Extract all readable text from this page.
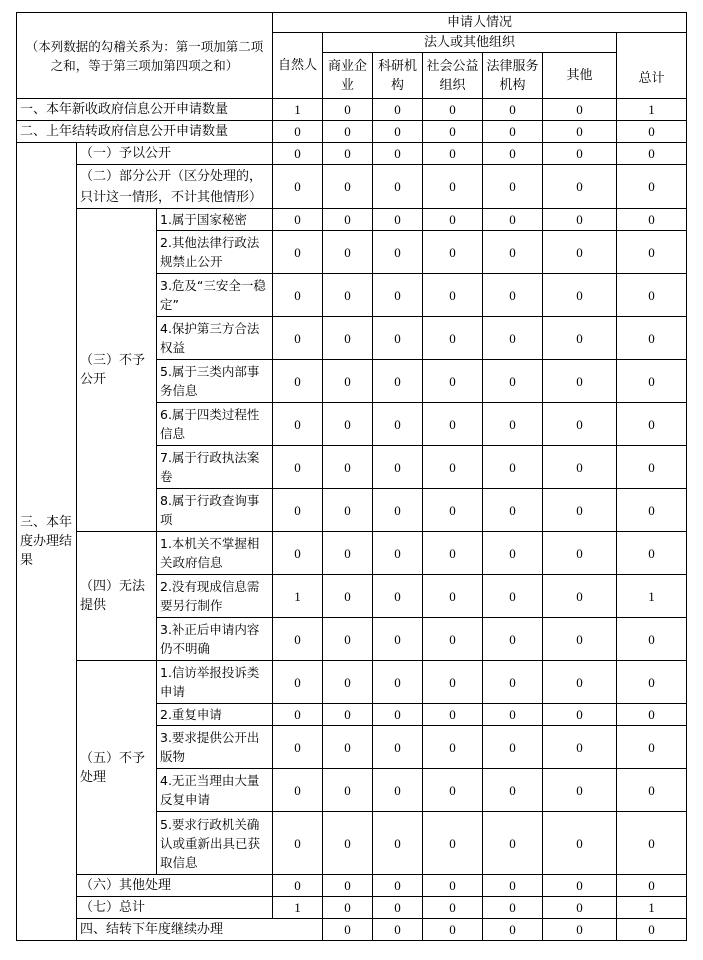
（本列数据的勾稽关系为：第一项加第二项之和，等于第三项加第四项之和）			申请人情况							
			自然人	法人或其他组织					总计	
				商业企业	科研机构	社会公益组织	法律服务机构	其他		
一、本年新收政府信息公开申请数量			1	0	0	0	0	0	1	
二、上年结转政府信息公开申请数量			0	0	0	0	0	0	0	
三、本年度办理结果	（一）予以公开		0	0	0	0	0	0	0	
	（二）部分公开（区分处理的，只计这一情形，不计其他情形）		0	0	0	0	0	0	0	
	（三）不予公开	1.属于国家秘密	0	0	0	0	0	0	0	
		2.其他法律行政法规禁止公开	0	0	0	0	0	0	0	
		3.危及“三安全一稳定”	0	0	0	0	0	0	0	
		4.保护第三方合法权益	0	0	0	0	0	0	0	
		5.属于三类内部事务信息	0	0	0	0	0	0	0	
		6.属于四类过程性信息	0	0	0	0	0	0	0	
		7.属于行政执法案卷	0	0	0	0	0	0	0	
		8.属于行政查询事项	0	0	0	0	0	0	0	
	（四）无法提供	1.本机关不掌握相关政府信息	0	0	0	0	0	0	0	
		2.没有现成信息需要另行制作	1	0	0	0	0	0	1	
		3.补正后申请内容仍不明确	0	0	0	0	0	0	0	
	（五）不予处理	1.信访举报投诉类申请	0	0	0	0	0	0	0	
		2.重复申请	0	0	0	0	0	0	0	
		3.要求提供公开出版物	0	0	0	0	0	0	0	
		4.无正当理由大量反复申请	0	0	0	0	0	0	0	
		5.要求行政机关确认或重新出具已获取信息	0	0	0	0	0	0	0	
	（六）其他处理		0	0	0	0	0	0	0	
	（七）总计		1	0	0	0	0	0	1	
	四、结转下年度继续办理			0	0	0	0	0	0	
